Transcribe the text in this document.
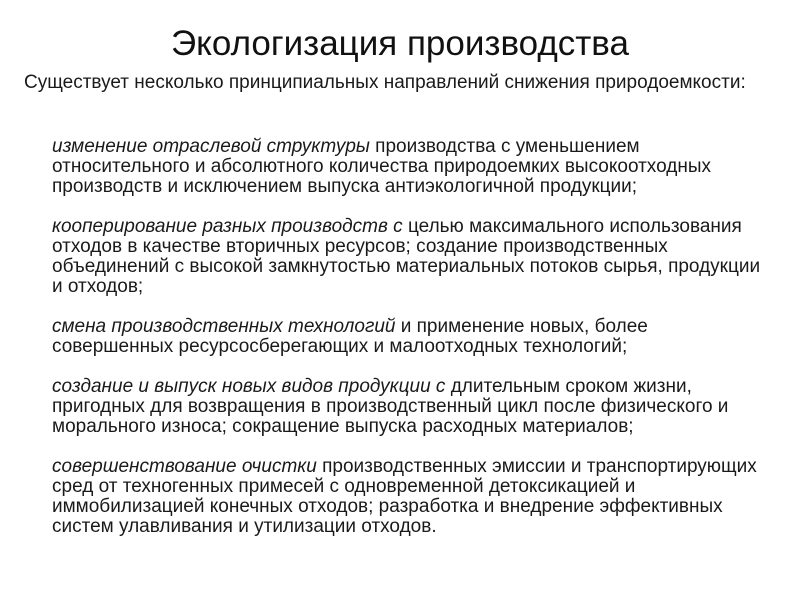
Экологизация производства
Существует несколько принципиальных направлений снижения природоемкости:

изменение отраслевой структуры производства с уменьшением относительного и абсолютного количества природоемких высокоотходных производств и исключением выпуска антиэкологичной продукции;

кооперирование разных производств с целью максимального использования отходов в качестве вторичных ресурсов; создание производственных объединений с высокой замкнутостью материальных потоков сырья, продукции и отходов;

смена производственных технологий и применение новых, более совершенных ресурсосберегающих и малоотходных технологий;

создание и выпуск новых видов продукции с длительным сроком жизни, пригодных для возвращения в производственный цикл после физического и морального износа; сокращение выпуска расходных материалов;

совершенствование очистки производственных эмиссии и транспортирующих сред от техногенных примесей с одновременной детоксикацией и иммобилизацией конечных отходов; разработка и внедрение эффективных систем улавливания и утилизации отходов.
